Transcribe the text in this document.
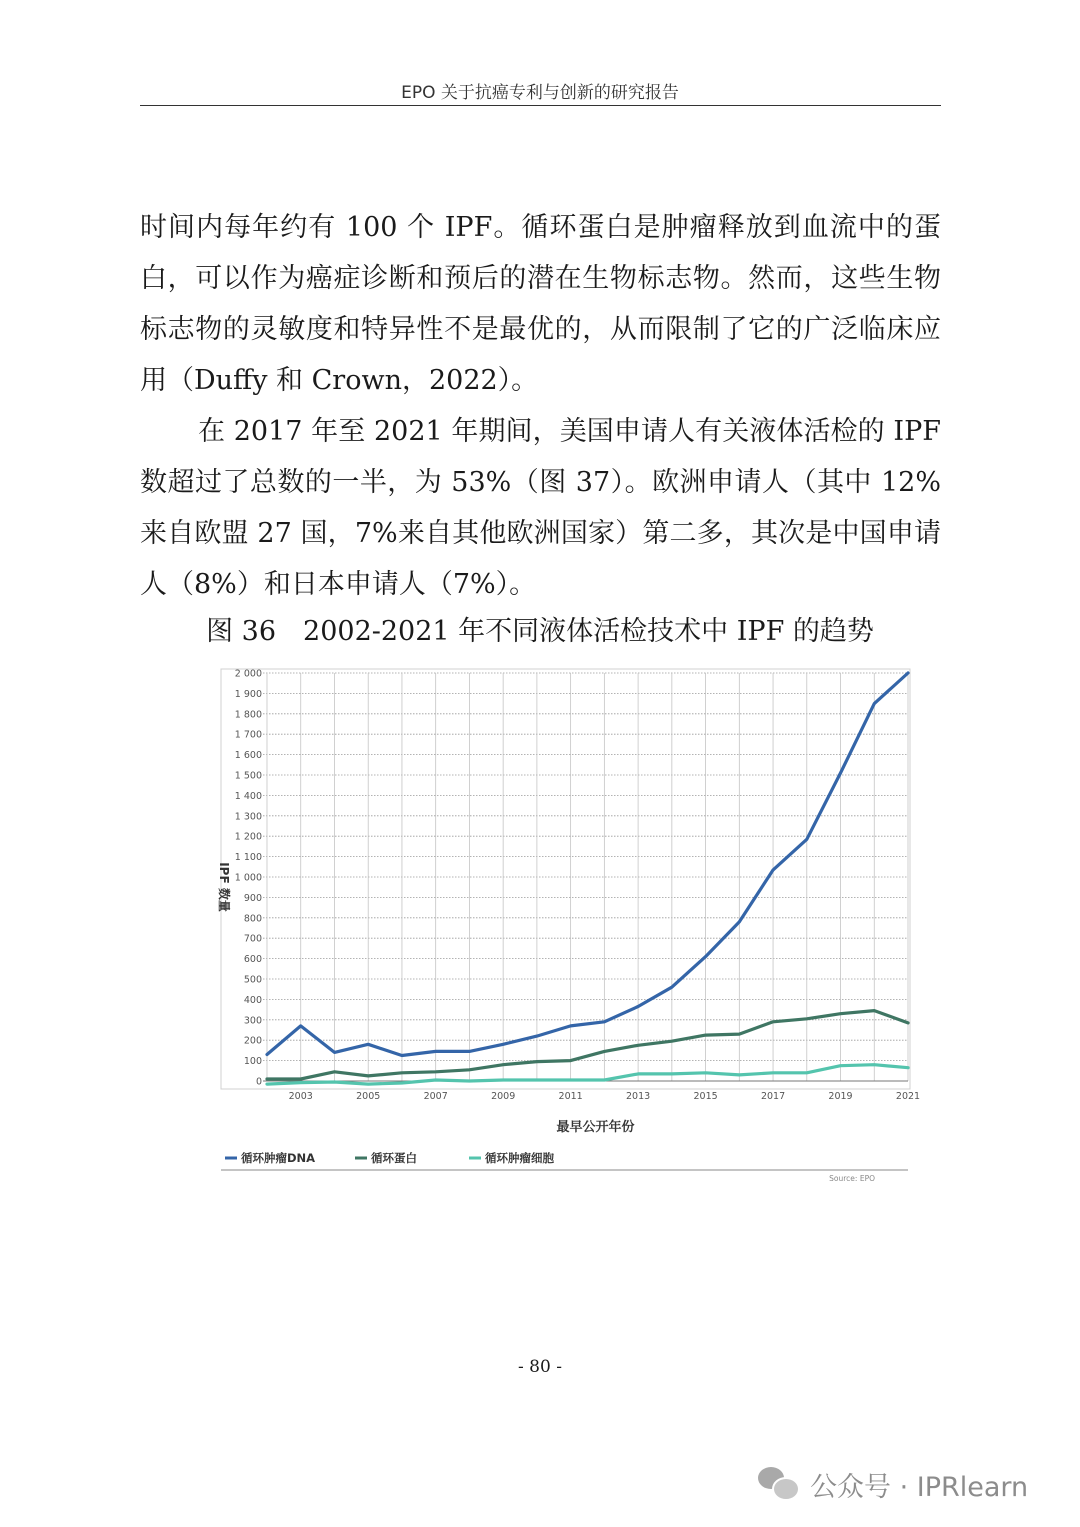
EPO 关于抗癌专利与创新的研究报告

时间内每年约有 100 个 IPF。循环蛋白是肿瘤释放到血流中的蛋白，可以作为癌症诊断和预后的潜在生物标志物。然而，这些生物标志物的灵敏度和特异性不是最优的，从而限制了它的广泛临床应用（Duffy 和 Crown，2022）。

在 2017 年至 2021 年期间，美国申请人有关液体活检的 IPF 数超过了总数的一半，为 53%（图 37）。欧洲申请人（其中 12% 来自欧盟 27 国，7%来自其他欧洲国家）第二多，其次是中国申请人（8%）和日本申请人（7%）。

图 36　2002-2021 年不同液体活检技术中 IPF 的趋势
0
100
200
300
400
500
600
700
800
900
1 000
1 100
1 200
1 300
1 400
1 500
1 600
1 700
1 800
1 900
2 000
2003	2005	2007	2009	2011	2013	2015	2017	2019	2021
IPF 数量
最早公开年份
循环肿瘤DNA	循环蛋白	循环肿瘤细胞
Source: EPO
- 80 -
公众号 · IPRlearn
